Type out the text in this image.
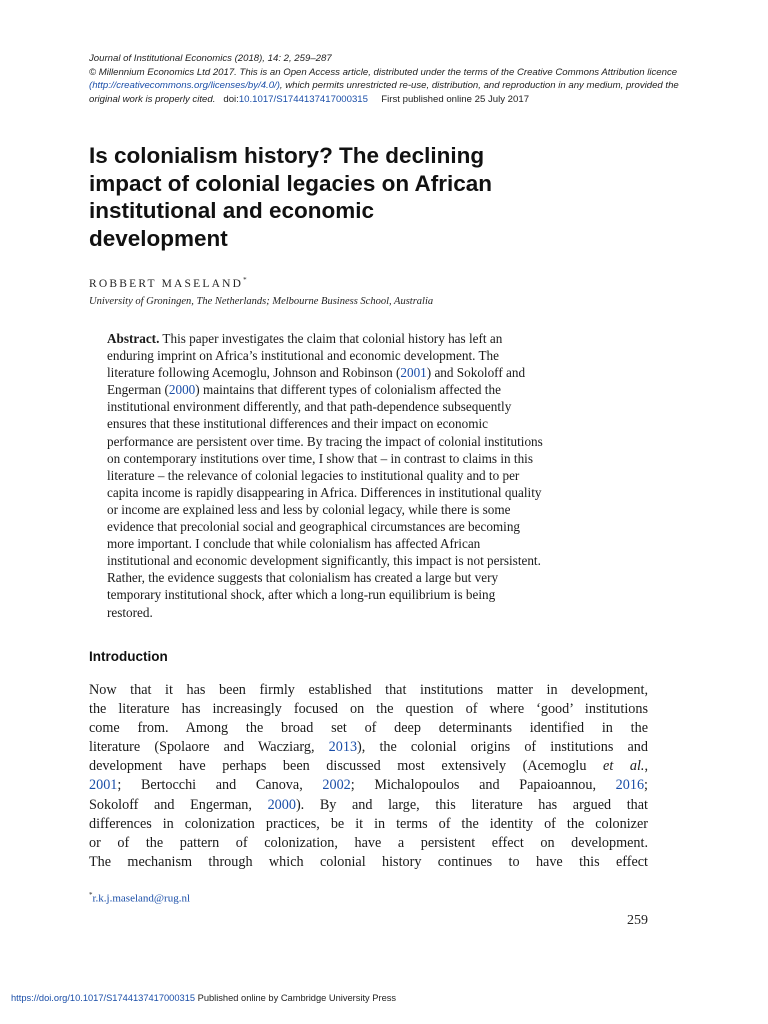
Journal of Institutional Economics (2018), 14: 2, 259–287
© Millennium Economics Ltd 2017. This is an Open Access article, distributed under the terms of the Creative Commons Attribution licence
(http://creativecommons.org/licenses/by/4.0/), which permits unrestricted re-use, distribution, and reproduction in any medium, provided the
original work is properly cited. doi:10.1017/S1744137417000315 First published online 25 July 2017
Is colonialism history? The declining
impact of colonial legacies on African
institutional and economic
development
ROBBERT MASELAND*
University of Groningen, The Netherlands; Melbourne Business School, Australia
Abstract. This paper investigates the claim that colonial history has left an
enduring imprint on Africa’s institutional and economic development. The
literature following Acemoglu, Johnson and Robinson (2001) and Sokoloff and
Engerman (2000) maintains that different types of colonialism affected the
institutional environment differently, and that path-dependence subsequently
ensures that these institutional differences and their impact on economic
performance are persistent over time. By tracing the impact of colonial institutions
on contemporary institutions over time, I show that – in contrast to claims in this
literature – the relevance of colonial legacies to institutional quality and to per
capita income is rapidly disappearing in Africa. Differences in institutional quality
or income are explained less and less by colonial legacy, while there is some
evidence that precolonial social and geographical circumstances are becoming
more important. I conclude that while colonialism has affected African
institutional and economic development significantly, this impact is not persistent.
Rather, the evidence suggests that colonialism has created a large but very
temporary institutional shock, after which a long-run equilibrium is being
restored.
Introduction
Now that it has been firmly established that institutions matter in development,
the literature has increasingly focused on the question of where ‘good’ institutions
come from. Among the broad set of deep determinants identified in the
literature (Spolaore and Wacziarg, 2013), the colonial origins of institutions and
development have perhaps been discussed most extensively (Acemoglu et al.,
2001; Bertocchi and Canova, 2002; Michalopoulos and Papaioannou, 2016;
Sokoloff and Engerman, 2000). By and large, this literature has argued that
differences in colonization practices, be it in terms of the identity of the colonizer
or of the pattern of colonization, have a persistent effect on development.
The mechanism through which colonial history continues to have this effect
*r.k.j.maseland@rug.nl
259
https://doi.org/10.1017/S1744137417000315 Published online by Cambridge University Press
